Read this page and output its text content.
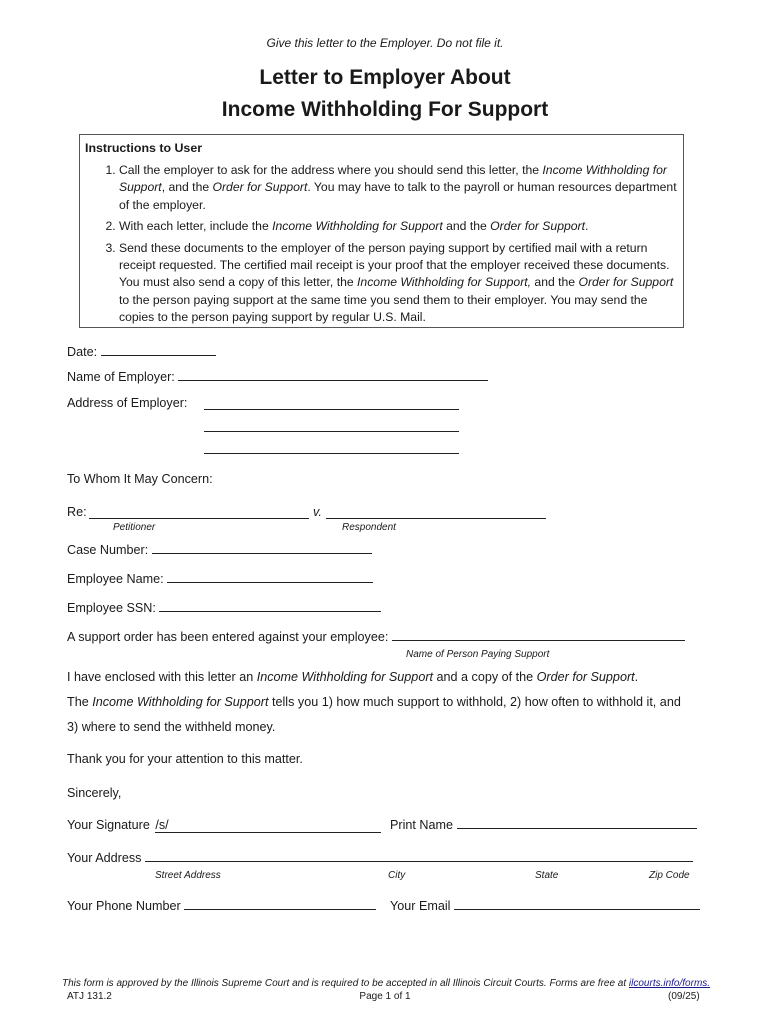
Give this letter to the Employer. Do not file it.
Letter to Employer About
Income Withholding For Support
Instructions to User
1. Call the employer to ask for the address where you should send this letter, the Income Withholding for Support, and the Order for Support. You may have to talk to the payroll or human resources department of the employer.
2. With each letter, include the Income Withholding for Support and the Order for Support.
3. Send these documents to the employer of the person paying support by certified mail with a return receipt requested. The certified mail receipt is your proof that the employer received these documents. You must also send a copy of this letter, the Income Withholding for Support, and the Order for Support to the person paying support at the same time you send them to their employer. You may send the copies to the person paying support by regular U.S. Mail.
Date:
Name of Employer:
Address of Employer:
To Whom It May Concern:
Re:	v.
Petitioner	Respondent
Case Number:
Employee Name:
Employee SSN:
A support order has been entered against your employee:
Name of Person Paying Support
I have enclosed with this letter an Income Withholding for Support and a copy of the Order for Support.
The Income Withholding for Support tells you 1) how much support to withhold, 2) how often to withhold it, and
3) where to send the withheld money.
Thank you for your attention to this matter.
Sincerely,
Your Signature /s/	Print Name
Your Address
Street Address	City	State	Zip Code
Your Phone Number	Your Email
This form is approved by the Illinois Supreme Court and is required to be accepted in all Illinois Circuit Courts. Forms are free at ilcourts.info/forms.
ATJ 131.2	Page 1 of 1	(09/25)
